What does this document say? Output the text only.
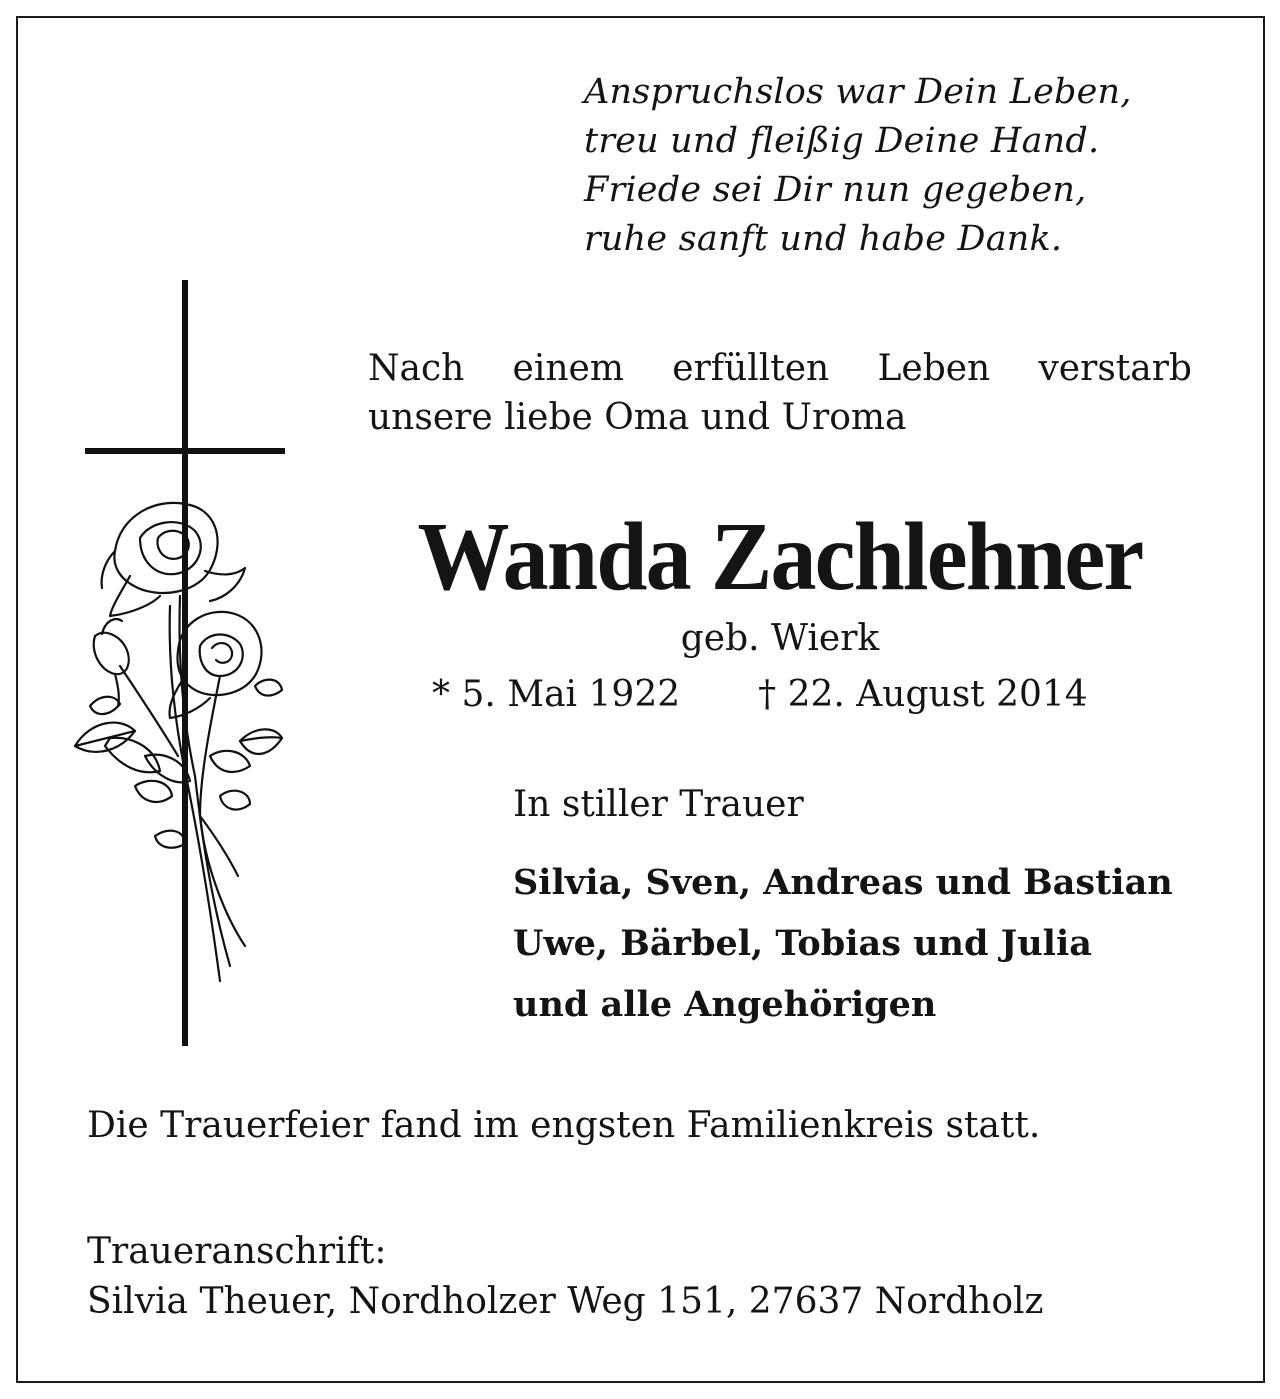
Anspruchslos war Dein Leben,
treu und fleißig Deine Hand.
Friede sei Dir nun gegeben,
ruhe sanft und habe Dank.
Nach einem erfüllten Leben verstarb
unsere liebe Oma und Uroma
Wanda Zachlehner
geb. Wierk
* 5. Mai 1922 † 22. August 2014
In stiller Trauer
Silvia, Sven, Andreas und Bastian
Uwe, Bärbel, Tobias und Julia
und alle Angehörigen
Die Trauerfeier fand im engsten Familienkreis statt.
Traueranschrift:
Silvia Theuer, Nordholzer Weg 151, 27637 Nordholz
